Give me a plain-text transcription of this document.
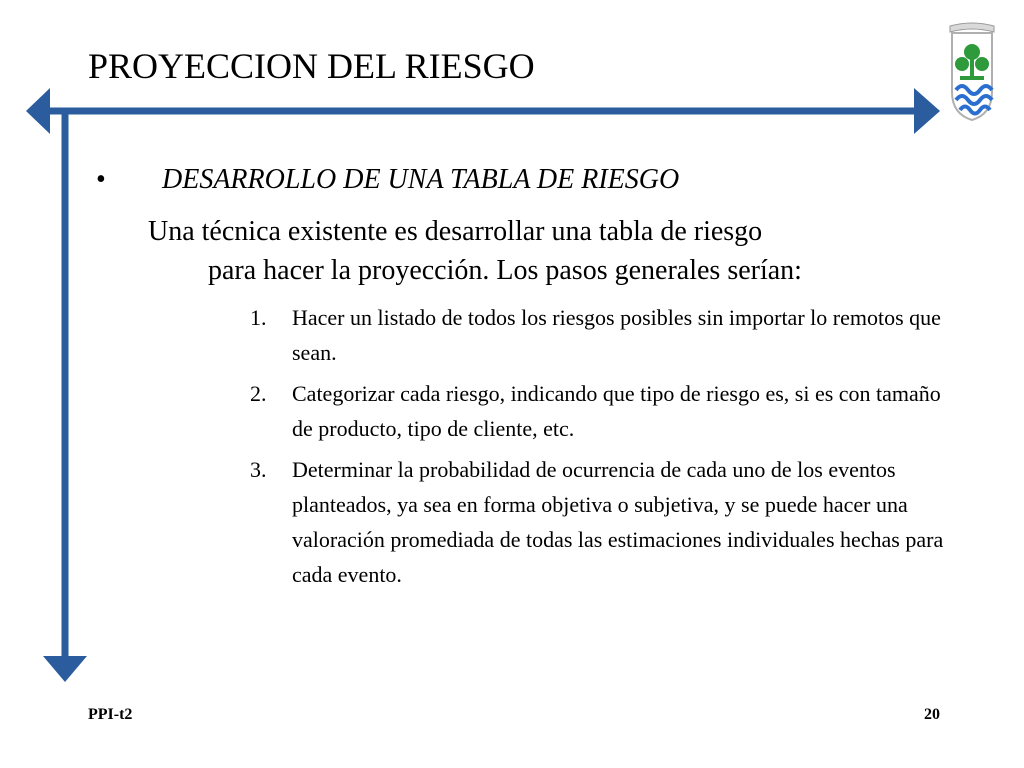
PROYECCION DEL RIESGO
• DESARROLLO DE UNA TABLA DE RIESGO
Una técnica existente es desarrollar una tabla de riesgo
para hacer la proyección. Los pasos generales serían:
1. Hacer un listado de todos los riesgos posibles sin importar lo remotos que sean.
2. Categorizar cada riesgo, indicando que tipo de riesgo es, si es con tamaño de producto, tipo de cliente, etc.
3. Determinar la probabilidad de ocurrencia de cada uno de los eventos planteados, ya sea en forma objetiva o subjetiva, y se puede hacer una valoración promediada de todas las estimaciones individuales hechas para cada evento.
PPI-t2	20
